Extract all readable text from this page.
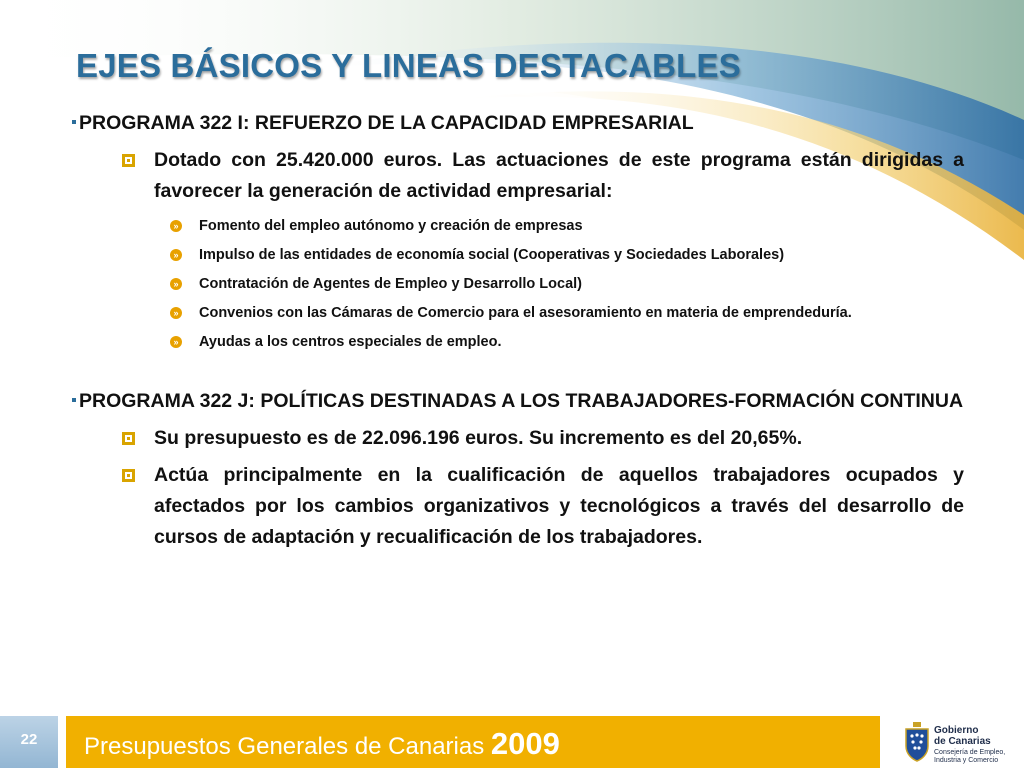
EJES BÁSICOS Y LINEAS DESTACABLES
PROGRAMA 322 I: REFUERZO DE LA CAPACIDAD EMPRESARIAL
Dotado con 25.420.000 euros. Las actuaciones de este programa están dirigidas a favorecer la generación de actividad empresarial:
» Fomento del empleo autónomo y creación de empresas
» Impulso de las entidades de economía social (Cooperativas y Sociedades Laborales)
» Contratación de Agentes de Empleo y Desarrollo Local)
» Convenios con las Cámaras de Comercio para el asesoramiento en materia de emprendeduría.
» Ayudas a los centros especiales de empleo.
PROGRAMA 322 J: POLÍTICAS DESTINADAS A LOS TRABAJADORES-FORMACIÓN CONTINUA
Su presupuesto es de 22.096.196 euros. Su incremento es del 20,65%.
Actúa principalmente en la cualificación de aquellos trabajadores ocupados y afectados por los cambios organizativos y tecnológicos a través del desarrollo de cursos de adaptación y recualificación de los trabajadores.
22	Presupuestos Generales de Canarias 2009	Gobierno
de Canarias
Consejería de Empleo,
Industria y Comercio
